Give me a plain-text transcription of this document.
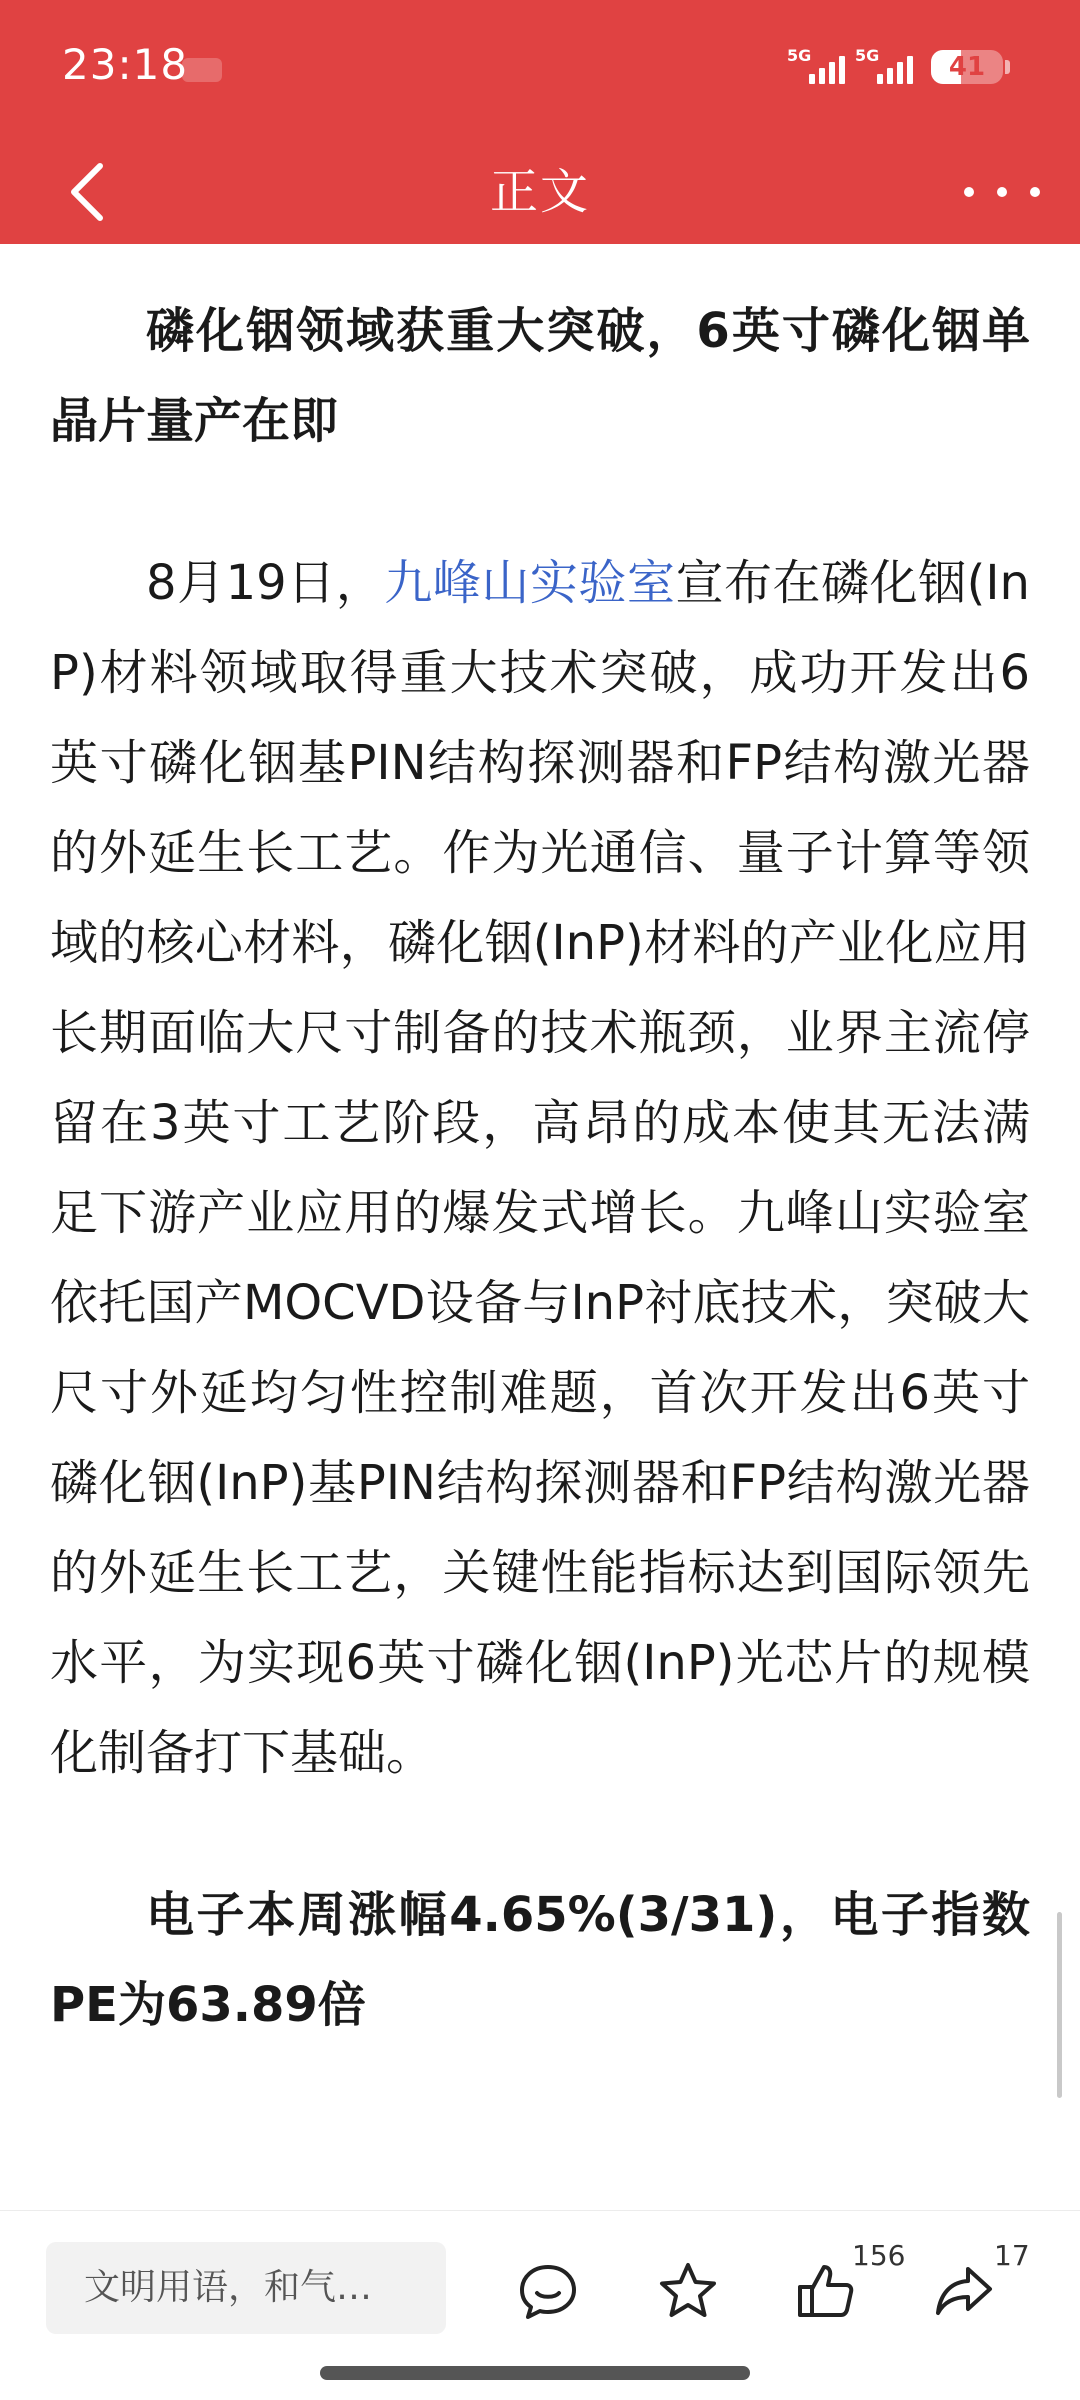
23:18	5G	5G	41
正文

磷化铟领域获重大突破，6英寸磷化铟单晶片量产在即

8月19日，九峰山实验室宣布在磷化铟(InP)材料领域取得重大技术突破，成功开发出6英寸磷化铟基PIN结构探测器和FP结构激光器的外延生长工艺。作为光通信、量子计算等领域的核心材料，磷化铟(InP)材料的产业化应用长期面临大尺寸制备的技术瓶颈，业界主流停留在3英寸工艺阶段，高昂的成本使其无法满足下游产业应用的爆发式增长。九峰山实验室依托国产MOCVD设备与InP衬底技术，突破大尺寸外延均匀性控制难题，首次开发出6英寸磷化铟(InP)基PIN结构探测器和FP结构激光器的外延生长工艺，关键性能指标达到国际领先水平，为实现6英寸磷化铟(InP)光芯片的规模化制备打下基础。

电子本周涨幅4.65%(3/31)，电子指数PE为63.89倍

文明用语，和气…
156	17
